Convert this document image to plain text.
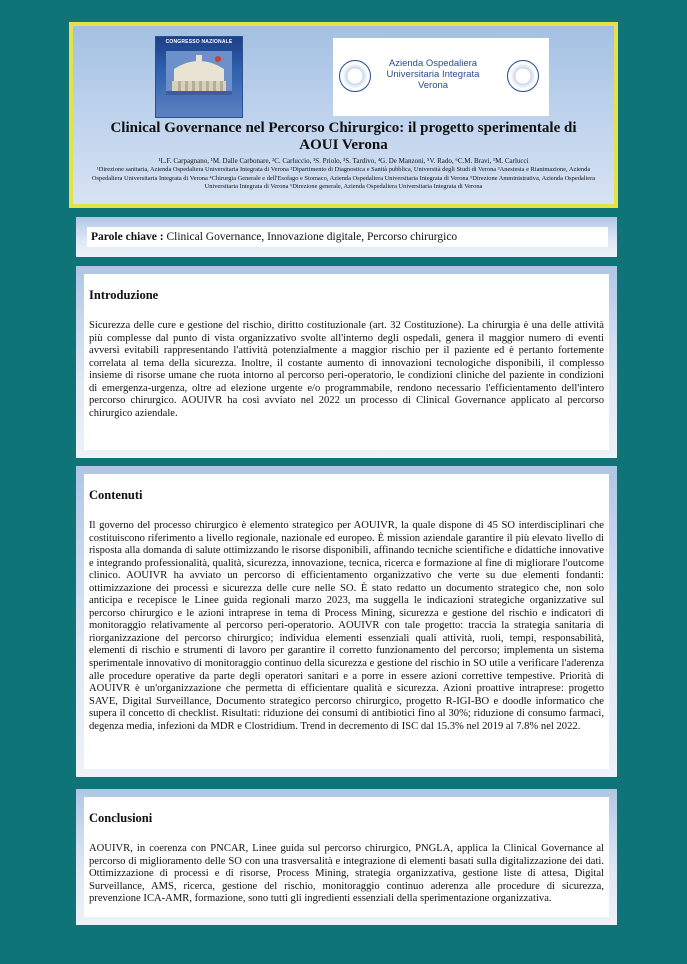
CONGRESSO NAZIONALE
Azienda Ospedaliera
Universitaria Integrata
Verona
Clinical Governance nel Percorso Chirurgico: il progetto sperimentale di
AOUI Verona
¹L.F. Carpagnano, ¹M. Dalle Carbonare, ²C. Carluccio, ³S. Priolo, ³S. Tardivo, ⁴G. De Manzoni, ⁵V. Rado, ⁶C.M. Bravi, ¹M. Carlucci
¹Direzione sanitaria, Azienda Ospedaliera Universitaria Integrata di Verona ²Dipartimento di Diagnostica e Sanità pubblica, Università degli Studi di Verona ³Anestesia e Rianimazione, Azienda Ospedaliera Universitaria Integrata di Verona ⁴Chirurgia Generale e dell'Esofago e Stomaco, Azienda Ospedaliera Universitaria Integrata di Verona ⁵Direzione Amministrativa, Azienda Ospedaliera Universitaria Integrata di Verona ⁶Direzione generale, Azienda Ospedaliera Universitaria Integrata di Verona
Parole chiave : Clinical Governance, Innovazione digitale, Percorso chirurgico
Introduzione

Sicurezza delle cure e gestione del rischio, diritto costituzionale (art. 32 Costituzione). La chirurgia è una delle attività più complesse dal punto di vista organizzativo svolte all'interno degli ospedali, genera il maggior numero di eventi avversi evitabili rappresentando l'attività potenzialmente a maggior rischio per il paziente ed è pertanto fortemente correlata al tema della sicurezza. Inoltre, il costante aumento di innovazioni tecnologiche disponibili, il complesso insieme di risorse umane che ruota intorno al percorso peri-operatorio, le condizioni cliniche del paziente in condizioni di emergenza-urgenza, oltre ad elezione urgente e/o programmabile, rendono necessario l'efficientamento dell'intero percorso chirurgico. AOUIVR ha così avviato nel 2022 un processo di Clinical Governance applicato al percorso chirurgico aziendale.

Contenuti

Il governo del processo chirurgico è elemento strategico per AOUIVR, la quale dispone di 45 SO interdisciplinari che costituiscono riferimento a livello regionale, nazionale ed europeo. È mission aziendale garantire il più elevato livello di risposta alla domanda di salute ottimizzando le risorse disponibili, affinando tecniche scientifiche e didattiche innovative e integrando professionalità, qualità, sicurezza, innovazione, tecnica, ricerca e formazione al fine di migliorare l'outcome clinico. AOUIVR ha avviato un percorso di efficientamento organizzativo che verte su due elementi fondanti: ottimizzazione dei processi e sicurezza delle cure nelle SO. È stato redatto un documento strategico che, non solo anticipa e recepisce le Linee guida regionali marzo 2023, ma suggella le indicazioni strategiche organizzative sul percorso chirurgico e le azioni intraprese in tema di Process Mining, sicurezza e gestione del rischio e indicatori di monitoraggio relativamente al percorso peri-operatorio. AOUIVR con tale progetto: traccia la strategia sanitaria di riorganizzazione del percorso chirurgico; individua elementi essenziali quali attività, ruoli, tempi, responsabilità, elementi di rischio e strumenti di lavoro per garantire il corretto funzionamento del percorso; implementa un sistema sperimentale innovativo di monitoraggio continuo della sicurezza e gestione del rischio in SO utile a verificare l'aderenza alle procedure operative da parte degli operatori sanitari e a porre in essere azioni correttive tempestive. Priorità di AOUIVR è un'organizzazione che permetta di efficientare qualità e sicurezza. Azioni proattive intraprese: progetto SAVE, Digital Surveillance, Documento strategico percorso chirurgico, progetto R-IGI-BO e doodle informatico che supera il concetto di checklist. Risultati: riduzione dei consumi di antibiotici fino al 30%; riduzione di consumo farmaci, degenza media, infezioni da MDR e Clostridium. Trend in decremento di ISC dal 15.3% nel 2019 al 7.8% nel 2022.

Conclusioni

AOUIVR, in coerenza con PNCAR, Linee guida sul percorso chirurgico, PNGLA, applica la Clinical Governance al percorso di miglioramento delle SO con una trasversalità e integrazione di elementi basati sulla digitalizzazione dei dati. Ottimizzazione di processi e di risorse, Process Mining, strategia organizzativa, gestione liste di attesa, Digital Surveillance, AMS, ricerca, gestione del rischio, monitoraggio continuo aderenza alle procedure di sicurezza, prevenzione ICA-AMR, formazione, sono tutti gli ingredienti essenziali della sperimentazione organizzativa.
